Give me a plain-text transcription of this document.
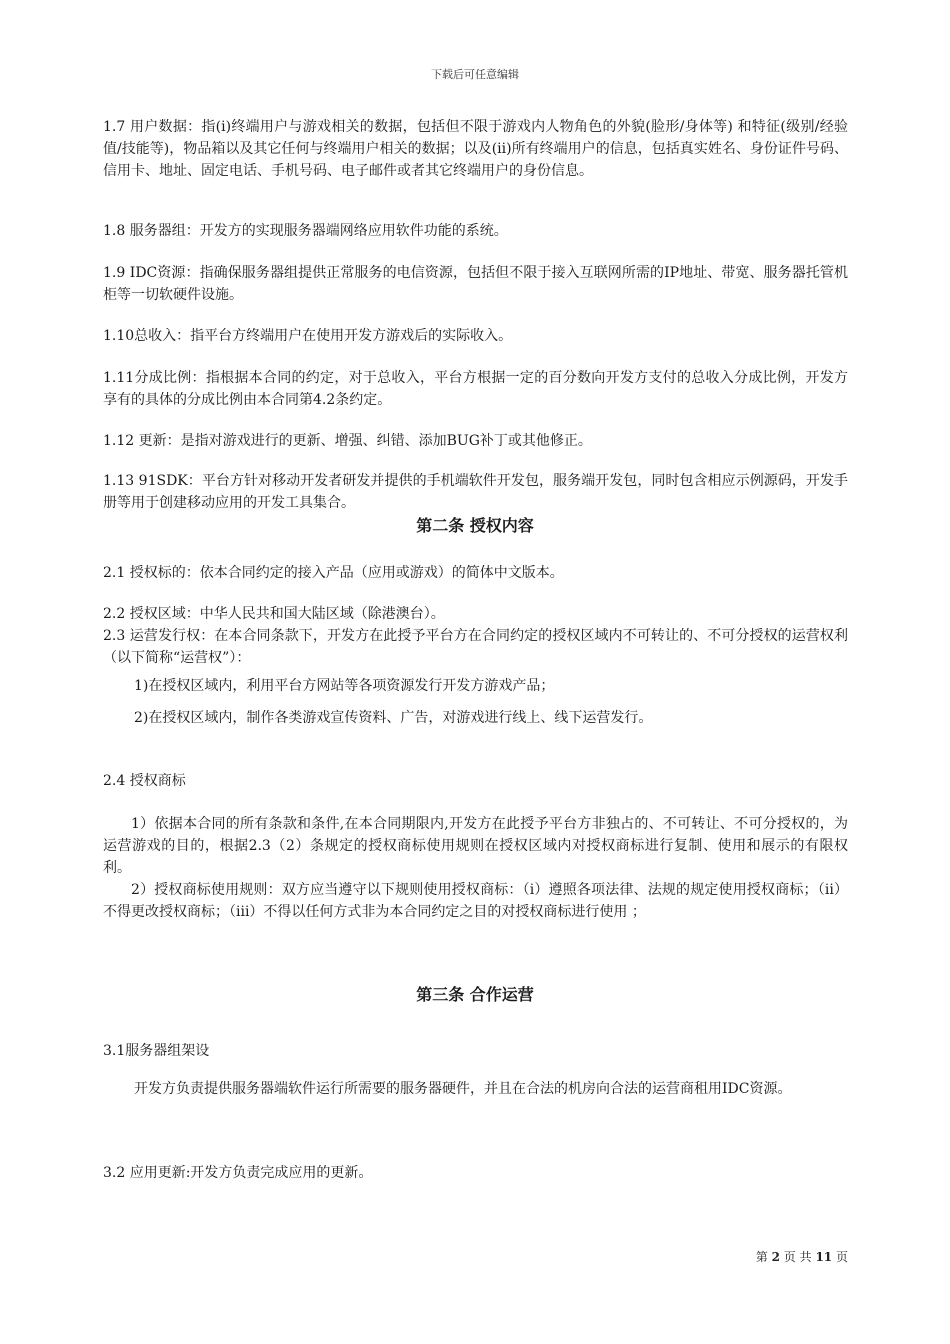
下载后可任意编辑

1.7 用户数据：指(i)终端用户与游戏相关的数据，包括但不限于游戏内人物角色的外貌(脸形/身体等) 和特征(级别/经验值/技能等)，物品箱以及其它任何与终端用户相关的数据；以及(ii)所有终端用户的信息，包括真实姓名、身份证件号码、信用卡、地址、固定电话、手机号码、电子邮件或者其它终端用户的身份信息。

1.8 服务器组：开发方的实现服务器端网络应用软件功能的系统。

1.9 IDC资源：指确保服务器组提供正常服务的电信资源，包括但不限于接入互联网所需的IP地址、带宽、服务器托管机柜等一切软硬件设施。

1.10总收入：指平台方终端用户在使用开发方游戏后的实际收入。

1.11分成比例：指根据本合同的约定，对于总收入，平台方根据一定的百分数向开发方支付的总收入分成比例，开发方享有的具体的分成比例由本合同第4.2条约定。

1.12 更新：是指对游戏进行的更新、增强、纠错、添加BUG补丁或其他修正。

1.13 91SDK：平台方针对移动开发者研发并提供的手机端软件开发包，服务端开发包，同时包含相应示例源码，开发手册等用于创建移动应用的开发工具集合。

第二条 授权内容

2.1 授权标的：依本合同约定的接入产品（应用或游戏）的简体中文版本。

2.2 授权区域：中华人民共和国大陆区域（除港澳台）。

2.3 运营发行权：在本合同条款下，开发方在此授予平台方在合同约定的授权区域内不可转让的、不可分授权的运营权利（以下简称“运营权”）：

1)在授权区域内，利用平台方网站等各项资源发行开发方游戏产品；

2)在授权区域内，制作各类游戏宣传资料、广告，对游戏进行线上、线下运营发行。

2.4 授权商标

1）依据本合同的所有条款和条件,在本合同期限内,开发方在此授予平台方非独占的、不可转让、不可分授权的，为运营游戏的目的，根据2.3（2）条规定的授权商标使用规则在授权区域内对授权商标进行复制、使用和展示的有限权利。

2）授权商标使用规则：双方应当遵守以下规则使用授权商标：（i）遵照各项法律、法规的规定使用授权商标；（ii）不得更改授权商标；（iii）不得以任何方式非为本合同约定之目的对授权商标进行使用 ；

第三条 合作运营

3.1服务器组架设

开发方负责提供服务器端软件运行所需要的服务器硬件，并且在合法的机房向合法的运营商租用IDC资源。

3.2 应用更新:开发方负责完成应用的更新。

第 2 页 共 11 页
